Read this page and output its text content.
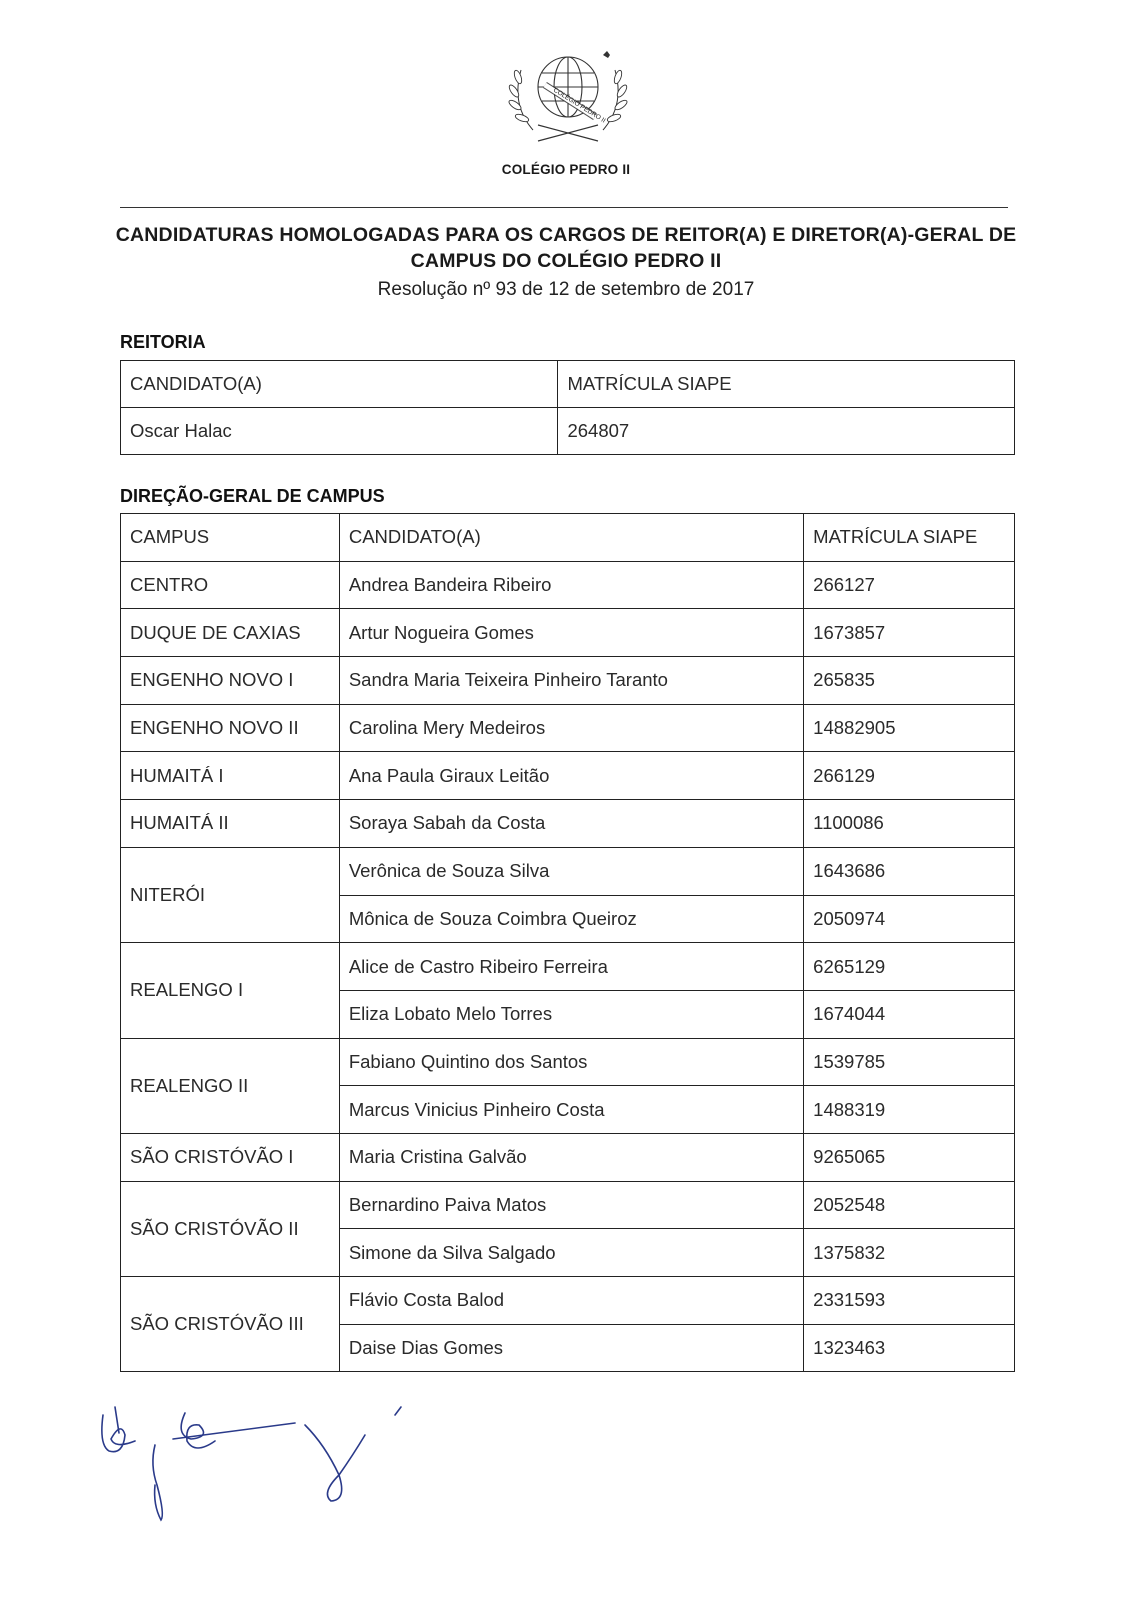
COLÉGIO PEDRO II
COLÉGIO PEDRO II
CANDIDATURAS HOMOLOGADAS PARA OS CARGOS DE REITOR(A) E DIRETOR(A)-GERAL DE CAMPUS DO COLÉGIO PEDRO II
Resolução nº 93 de 12 de setembro de 2017
REITORIA
CANDIDATO(A)	MATRÍCULA SIAPE
Oscar Halac	264807
DIREÇÃO-GERAL DE CAMPUS
CAMPUS	CANDIDATO(A)	MATRÍCULA SIAPE
CENTRO	Andrea Bandeira Ribeiro	266127
DUQUE DE CAXIAS	Artur Nogueira Gomes	1673857
ENGENHO NOVO I	Sandra Maria Teixeira Pinheiro Taranto	265835
ENGENHO NOVO II	Carolina Mery Medeiros	14882905
HUMAITÁ I	Ana Paula Giraux Leitão	266129
HUMAITÁ II	Soraya Sabah da Costa	1100086
NITERÓI	Verônica de Souza Silva	1643686
	Mônica de Souza Coimbra Queiroz	2050974
REALENGO I	Alice de Castro Ribeiro Ferreira	6265129
	Eliza Lobato Melo Torres	1674044
REALENGO II	Fabiano Quintino dos Santos	1539785
	Marcus Vinicius Pinheiro Costa	1488319
SÃO CRISTÓVÃO I	Maria Cristina Galvão	9265065
SÃO CRISTÓVÃO II	Bernardino Paiva Matos	2052548
	Simone da Silva Salgado	1375832
SÃO CRISTÓVÃO III	Flávio Costa Balod	2331593
	Daise Dias Gomes	1323463
